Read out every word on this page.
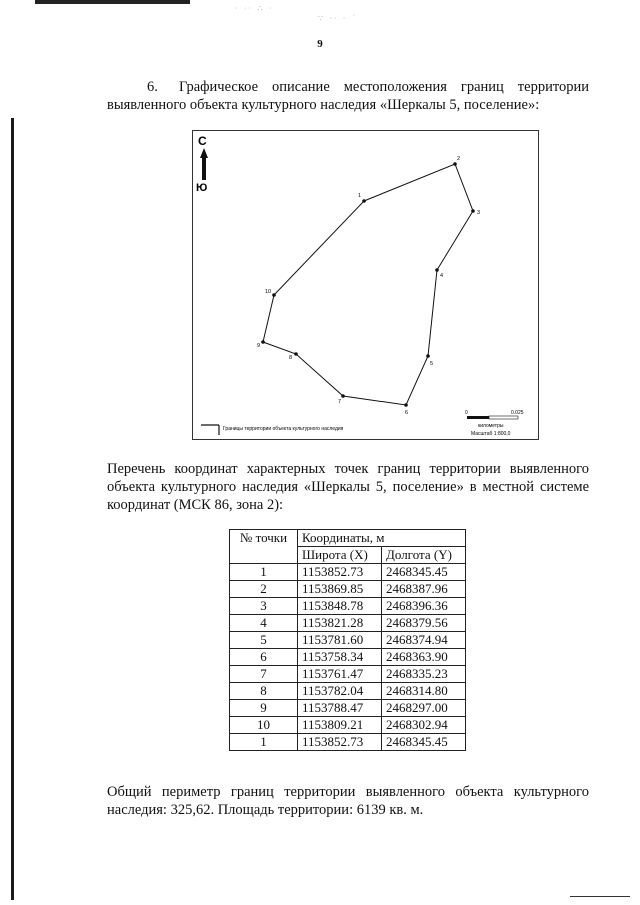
· ᐧ· ∴ ·
∵ ·ᐧ · ˙
9
6. Графическое описание местоположения границ территории выявленного объекта культурного наследия «Шеркалы 5, поселение»:
С
Ю
1
2
3
4
5
6
7
8
9
10
Границы территории объекта культурного наследия
0	0.025
километры
Масштаб 1:800,0
Перечень координат характерных точек границ территории выявленного объекта культурного наследия «Шеркалы 5, поселение» в местной системе координат (МСК 86, зона 2):
№ точки	Координаты, м	
	Широта (X)	Долгота (Y)
1	1153852.73	2468345.45
2	1153869.85	2468387.96
3	1153848.78	2468396.36
4	1153821.28	2468379.56
5	1153781.60	2468374.94
6	1153758.34	2468363.90
7	1153761.47	2468335.23
8	1153782.04	2468314.80
9	1153788.47	2468297.00
10	1153809.21	2468302.94
1	1153852.73	2468345.45
Общий периметр границ территории выявленного объекта культурного наследия: 325,62. Площадь территории: 6139 кв. м.
